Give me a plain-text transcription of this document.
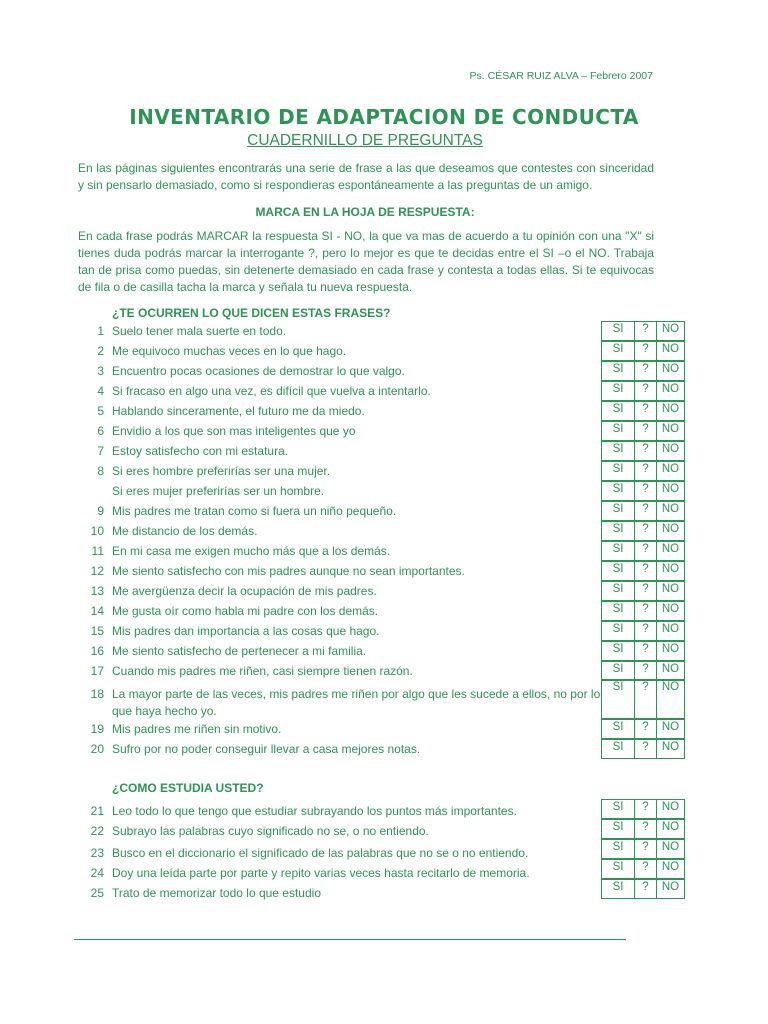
Ps. CÉSAR RUIZ ALVA – Febrero 2007
INVENTARIO DE ADAPTACION DE CONDUCTA
CUADERNILLO DE PREGUNTAS
En las páginas siguientes encontrarás una serie de frase a las que deseamos que contestes con sinceridad y sin pensarlo demasiado, como si respondieras espontáneamente a las preguntas de un amigo.
MARCA EN LA HOJA DE RESPUESTA:
En cada frase podrás MARCAR la respuesta SI - NO, la que va mas de acuerdo a tu opinión con una "X" si tienes duda podrás marcar la interrogante ?, pero lo mejor es que te decidas entre el SI –o el NO. Trabaja tan de prisa como puedas, sin detenerte demasiado en cada frase y contesta a todas ellas. Si te equivocas de fila o de casilla tacha la marca y señala tu nueva respuesta.
¿TE OCURREN LO QUE DICEN ESTAS FRASES?
1 Suelo tener mala suerte en todo.	SI	?	NO
2 Me equivoco muchas veces en lo que hago.	SI	?	NO
3 Encuentro pocas ocasiones de demostrar lo que valgo.	SI	?	NO
4 Si fracaso en algo una vez, es difícil que vuelva a intentarlo.	SI	?	NO
5 Hablando sinceramente, el futuro me da miedo.	SI	?	NO
6 Envidio a los que son mas inteligentes que yo	SI	?	NO
7 Estoy satisfecho con mi estatura.	SI	?	NO
8 Si eres hombre preferirías ser una mujer.	SI	?	NO
Si eres mujer preferirías ser un hombre.	SI	?	NO
9 Mis padres me tratan como si fuera un niño pequeño.	SI	?	NO
10 Me distancio de los demás.	SI	?	NO
11 En mi casa me exigen mucho más que a los demás.	SI	?	NO
12 Me siento satisfecho con mis padres aunque no sean importantes.	SI	?	NO
13 Me avergüenza decir la ocupación de mis padres.	SI	?	NO
14 Me gusta oír como habla mi padre con los demás.	SI	?	NO
15 Mis padres dan importancia a las cosas que hago.	SI	?	NO
16 Me siento satisfecho de pertenecer a mi familia.	SI	?	NO
17 Cuando mis padres me riñen, casi siempre tienen razón.	SI	?	NO
18 La mayor parte de las veces, mis padres me riñen por algo que les sucede a ellos, no por lo que haya hecho yo.
SI	?	NO
19 Mis padres me riñen sin motivo.	SI	?	NO
20 Sufro por no poder conseguir llevar a casa mejores notas.	SI	?	NO
¿COMO ESTUDIA USTED?
21 Leo todo lo que tengo que estudiar subrayando los puntos más importantes.	SI	?	NO
22 Subrayo las palabras cuyo significado no se, o no entiendo.	SI	?	NO
23 Busco en el diccionario el significado de las palabras que no se o no entiendo.	SI	?	NO
24 Doy una leída parte por parte y repito varias veces hasta recitarlo de memoria.	SI	?	NO
25 Trato de memorizar todo lo que estudio	SI	?	NO
